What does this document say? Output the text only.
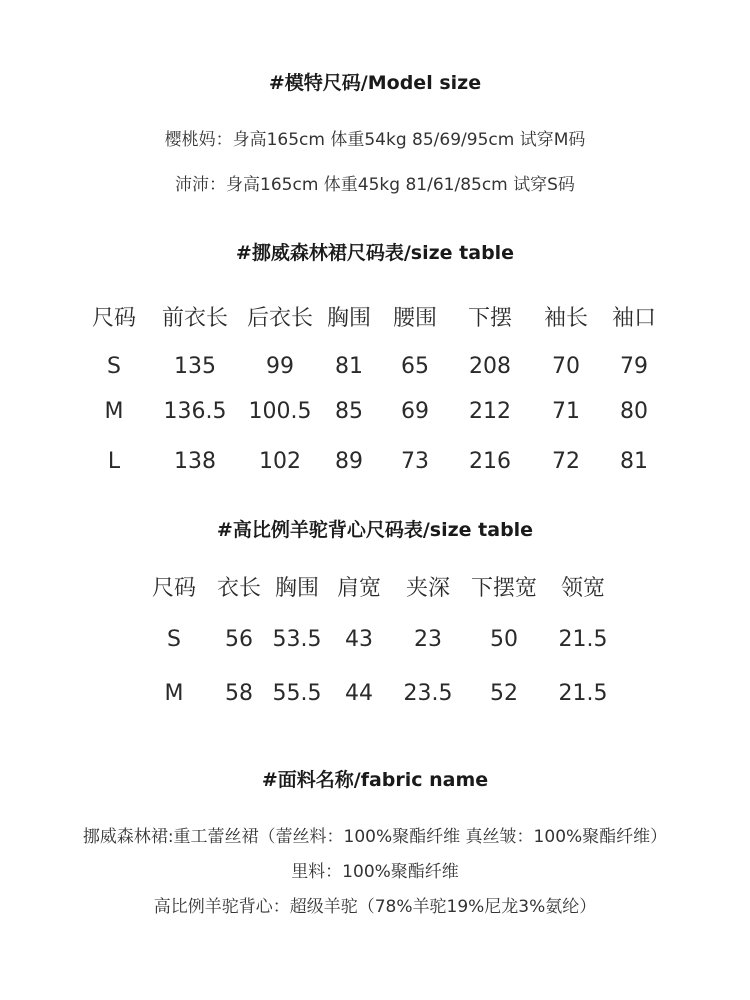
#模特尺码/Model size
樱桃妈：身高165cm 体重54kg 85/69/95cm 试穿M码
沛沛：身高165cm 体重45kg 81/61/85cm 试穿S码
#挪威森林裙尺码表/size table
尺码 前衣长 后衣长 胸围 腰围 下摆 袖长 袖口
S 135 99 81 65 208 70 79
M 136.5 100.5 85 69 212 71 80
L 138 102 89 73 216 72 81
#高比例羊驼背心尺码表/size table
尺码 衣长 胸围 肩宽 夹深 下摆宽 领宽
S 56 53.5 43 23 50 21.5
M 58 55.5 44 23.5 52 21.5
#面料名称/fabric name
挪威森林裙:重工蕾丝裙（蕾丝料：100%聚酯纤维 真丝皱：100%聚酯纤维）
里料：100%聚酯纤维
高比例羊驼背心：超级羊驼（78%羊驼19%尼龙3%氨纶）
